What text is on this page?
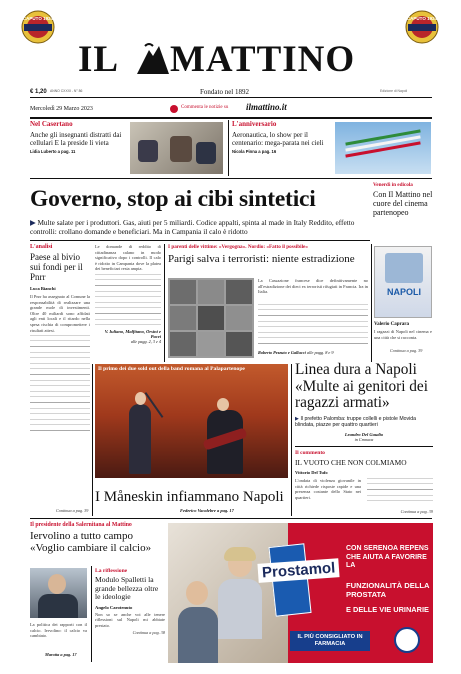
CAPUTO 1924	CAPUTO 1924
IL MATTINO
€ 1,20 ANNO CXXXI - N° 86	Fondato nel 1892	Edizione di Napoli
Mercoledì 29 Marzo 2023	Commenta le notizie su ilmattino.it
Nel Casertano
Anche gli insegnanti distratti dai cellulari E la preside li vieta
Lidia Luberto a pag. 11
L'anniversario
Aeronautica, lo show per il centenario: mega-parata nei cieli
Nicola Pinna a pag. 16
Venerdì in edicola
Con Il Mattino nel cuore del cinema partenopeo
Governo, stop ai cibi sintetici
▶ Multe salate per i produttori. Gas, aiuti per 5 miliardi. Codice appalti, spinta al made in Italy Reddito, effetto controlli: crollano domande e beneficiari. Ma in Campania il calo è ridotto
L'analisi
Paese al bivio sui fondi per il Pnrr
Luca Bianchi
Il Pnrr ha assegnato al Comune la responsabilità di realizzare una grande mole di investimenti. Oltre 40 miliardi sono affidati agli enti locali e il ritardo nella spesa rischia di compromettere i risultati attesi.
Continua a pag. 39
Le domande di reddito di cittadinanza calano in modo significativo dopo i controlli. Il calo è ridotto in Campania dove la platea dei beneficiari resta ampia.
V. Iuliano, Malfitano, Orsini e Pacei
alle pagg. 2, 3 e 4
I parenti delle vittime: «Vergogna». Nordio: «Fatto il possibile»
Parigi salva i terroristi: niente estradizione
La Cassazione francese dice definitivamente no all'estradizione dei dieci ex terroristi rifugiati in Francia. Ira in Italia.
Roberto Pezzuto e Gallucci alle pagg. 8 e 9
NAPOLI
Valerio Caprara
I ragazzi di Napoli nel cinema e una città che si racconta.
Continua a pag. 39
Il primo dei due sold out della band romana al Palapartenope
I Måneskin infiammano Napoli
Federico Vacalebre a pag. 17
Linea dura a Napoli «Multe ai genitori dei ragazzi armati»
▶ Il prefetto Palomba: truppe collelli e pistole Movida blindata, piazze per quattro quartieri
Leandro Del Gaudio
in Cronaca
Il commento
IL VUOTO CHE NON COLMIAMO
Vittorio Del Tufo
L'ondata di violenza giovanile in città richiede risposte rapide e una presenza costante dello Stato nei quartieri.
Continua a pag. 39
Il presidente della Salernitana al Mattino
Iervolino a tutto campo «Voglio cambiare il calcio»
La politica dei rapporti con il calcio. Iervolino: il calcio va cambiato.
Marotta a pag. 17
La riflessione
Modulo Spalletti la grande bellezza oltre le ideologie
Angelo Carotenuto
Non so se anche voi alle tenere riflessioni sul Napoli mi abbiate prestato.
Continua a pag. 38
Prostamol
CON SERENOA REPENS CHE AIUTA A FAVORIRE LA
FUNZIONALITÀ DELLA PROSTATA
E DELLE VIE URINARIE
IL PIÙ CONSIGLIATO IN FARMACIA
